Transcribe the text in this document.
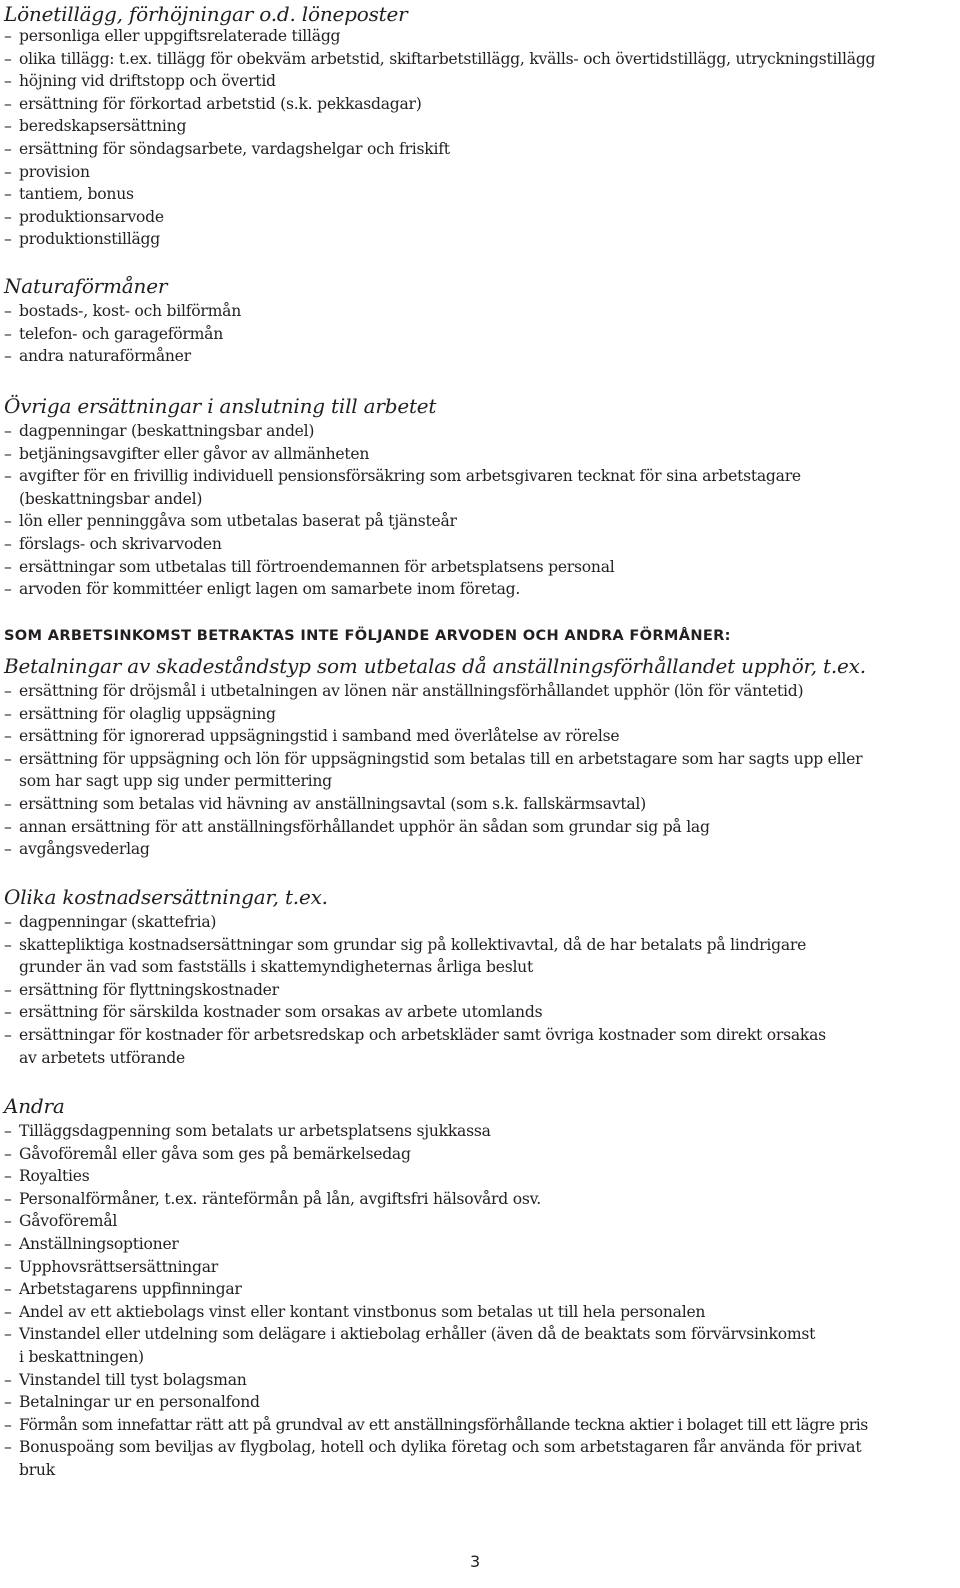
Lönetillägg, förhöjningar o.d. löneposter

– personliga eller uppgiftsrelaterade tillägg

– olika tillägg: t.ex. tillägg för obekväm arbetstid, skiftarbetstillägg, kvälls- och övertidstillägg, utryckningstillägg

– höjning vid driftstopp och övertid

– ersättning för förkortad arbetstid (s.k. pekkasdagar)

– beredskapsersättning

– ersättning för söndagsarbete, vardagshelgar och friskift

– provision

– tantiem, bonus

– produktionsarvode

– produktionstillägg

Naturaförmåner

– bostads-, kost- och bilförmån

– telefon- och garageförmån

– andra naturaförmåner

Övriga ersättningar i anslutning till arbetet

– dagpenningar (beskattningsbar andel)

– betjäningsavgifter eller gåvor av allmänheten

– avgifter för en frivillig individuell pensionsförsäkring som arbetsgivaren tecknat för sina arbetstagare

(beskattningsbar andel)

– lön eller penninggåva som utbetalas baserat på tjänsteår

– förslags- och skrivarvoden

– ersättningar som utbetalas till förtroendemannen för arbetsplatsens personal

– arvoden för kommittéer enligt lagen om samarbete inom företag.

SOM ARBETSINKOMST BETRAKTAS INTE FÖLJANDE ARVODEN OCH ANDRA FÖRMÅNER:

Betalningar av skadeståndstyp som utbetalas då anställningsförhållandet upphör, t.ex.

– ersättning för dröjsmål i utbetalningen av lönen när anställningsförhållandet upphör (lön för väntetid)

– ersättning för olaglig uppsägning

– ersättning för ignorerad uppsägningstid i samband med överlåtelse av rörelse

– ersättning för uppsägning och lön för uppsägningstid som betalas till en arbetstagare som har sagts upp eller

som har sagt upp sig under permittering

– ersättning som betalas vid hävning av anställningsavtal (som s.k. fallskärmsavtal)

– annan ersättning för att anställningsförhållandet upphör än sådan som grundar sig på lag

– avgångsvederlag

Olika kostnadsersättningar, t.ex.

– dagpenningar (skattefria)

– skattepliktiga kostnadsersättningar som grundar sig på kollektivavtal, då de har betalats på lindrigare

grunder än vad som fastställs i skattemyndigheternas årliga beslut

– ersättning för flyttningskostnader

– ersättning för särskilda kostnader som orsakas av arbete utomlands

– ersättningar för kostnader för arbetsredskap och arbetskläder samt övriga kostnader som direkt orsakas

av arbetets utförande

Andra

– Tilläggsdagpenning som betalats ur arbetsplatsens sjukkassa

– Gåvoföremål eller gåva som ges på bemärkelsedag

– Royalties

– Personalförmåner, t.ex. ränteförmån på lån, avgiftsfri hälsovård osv.

– Gåvoföremål

– Anställningsoptioner

– Upphovsrättsersättningar

– Arbetstagarens uppfinningar

– Andel av ett aktiebolags vinst eller kontant vinstbonus som betalas ut till hela personalen

– Vinstandel eller utdelning som delägare i aktiebolag erhåller (även då de beaktats som förvärvsinkomst

i beskattningen)

– Vinstandel till tyst bolagsman

– Betalningar ur en personalfond

– Förmån som innefattar rätt att på grundval av ett anställningsförhållande teckna aktier i bolaget till ett lägre pris

– Bonuspoäng som beviljas av flygbolag, hotell och dylika företag och som arbetstagaren får använda för privat

bruk

3
